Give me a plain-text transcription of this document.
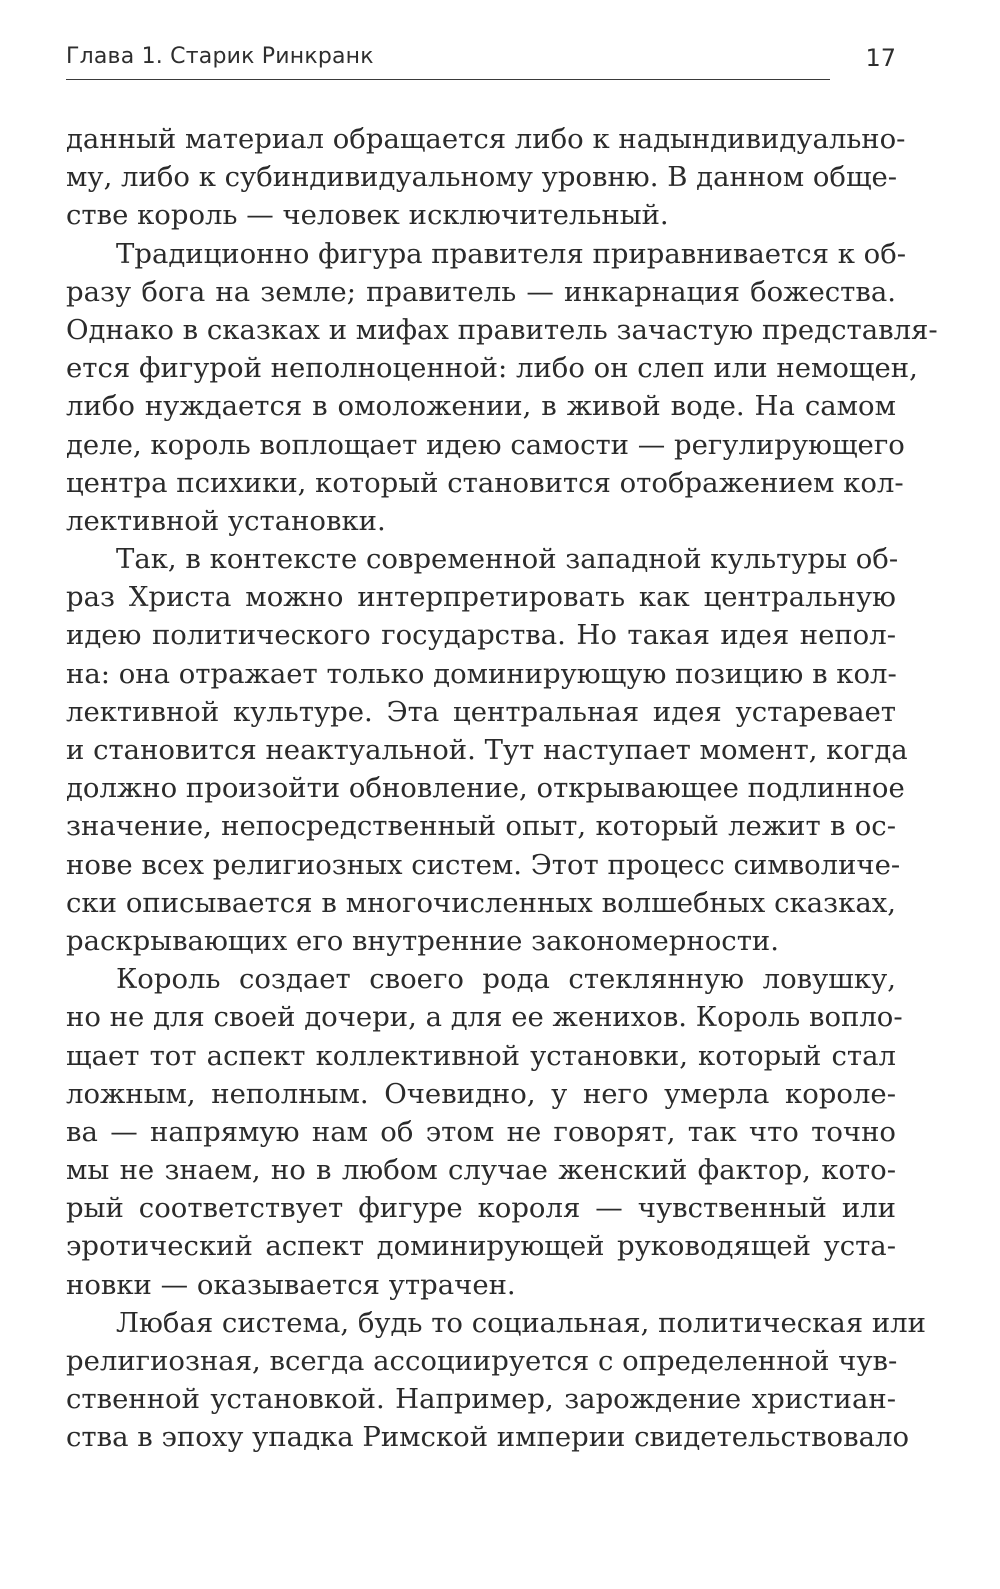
Глава 1. Старик Ринкранк	17
данный материал обращается либо к надындивидуально-
му, либо к субиндивидуальному уровню. В данном обще-
стве король — человек исключительный.
Традиционно фигура правителя приравнивается к об-
разу бога на земле; правитель — инкарнация божества.
Однако в сказках и мифах правитель зачастую представля-
ется фигурой неполноценной: либо он слеп или немощен,
либо нуждается в омоложении, в живой воде. На самом
деле, король воплощает идею самости — регулирующего
центра психики, который становится отображением кол-
лективной установки.
Так, в контексте современной западной культуры об-
раз Христа можно интерпретировать как центральную
идею политического государства. Но такая идея непол-
на: она отражает только доминирующую позицию в кол-
лективной культуре. Эта центральная идея устаревает
и становится неактуальной. Тут наступает момент, когда
должно произойти обновление, открывающее подлинное
значение, непосредственный опыт, который лежит в ос-
нове всех религиозных систем. Этот процесс символиче-
ски описывается в многочисленных волшебных сказках,
раскрывающих его внутренние закономерности.
Король создает своего рода стеклянную ловушку,
но не для своей дочери, а для ее женихов. Король вопло-
щает тот аспект коллективной установки, который стал
ложным, неполным. Очевидно, у него умерла короле-
ва — напрямую нам об этом не говорят, так что точно
мы не знаем, но в любом случае женский фактор, кото-
рый соответствует фигуре короля — чувственный или
эротический аспект доминирующей руководящей уста-
новки — оказывается утрачен.
Любая система, будь то социальная, политическая или
религиозная, всегда ассоциируется с определенной чув-
ственной установкой. Например, зарождение христиан-
ства в эпоху упадка Римской империи свидетельствовало
